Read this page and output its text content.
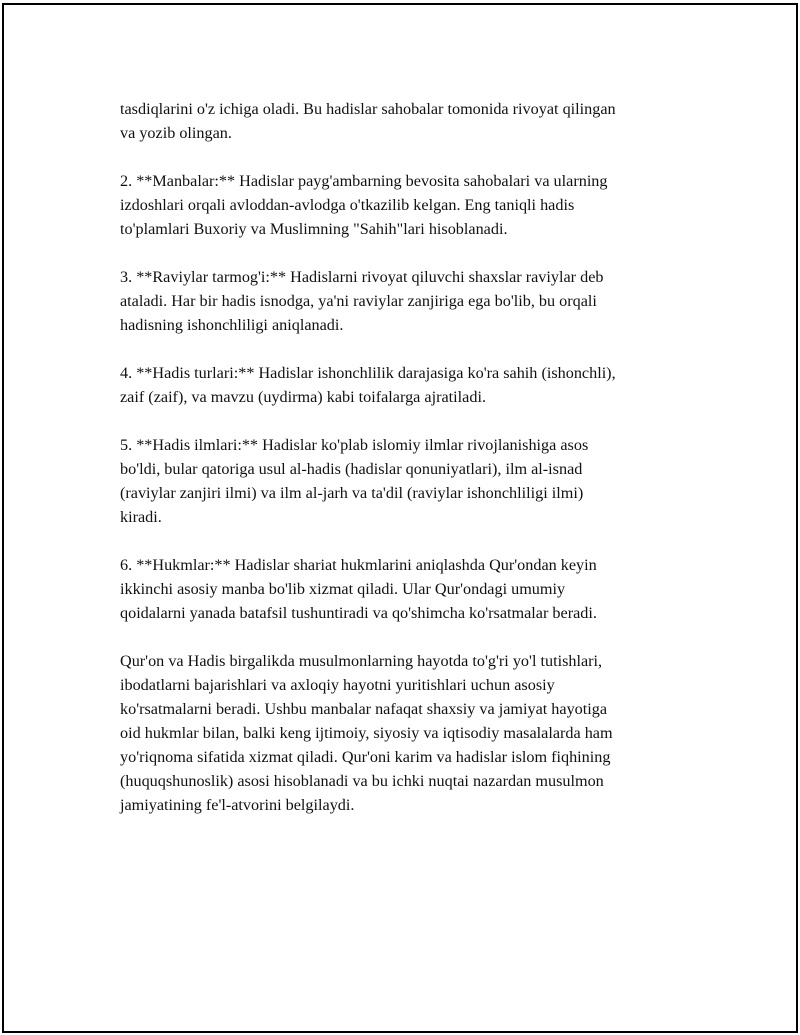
tasdiqlarini o'z ichiga oladi. Bu hadislar sahobalar tomonida rivoyat qilingan
va yozib olingan.

2. **Manbalar:** Hadislar payg'ambarning bevosita sahobalari va ularning
izdoshlari orqali avloddan-avlodga o'tkazilib kelgan. Eng taniqli hadis
to'plamlari Buxoriy va Muslimning "Sahih"lari hisoblanadi.

3. **Raviylar tarmog'i:** Hadislarni rivoyat qiluvchi shaxslar raviylar deb
ataladi. Har bir hadis isnodga, ya'ni raviylar zanjiriga ega bo'lib, bu orqali
hadisning ishonchliligi aniqlanadi.

4. **Hadis turlari:** Hadislar ishonchlilik darajasiga ko'ra sahih (ishonchli),
zaif (zaif), va mavzu (uydirma) kabi toifalarga ajratiladi.

5. **Hadis ilmlari:** Hadislar ko'plab islomiy ilmlar rivojlanishiga asos
bo'ldi, bular qatoriga usul al-hadis (hadislar qonuniyatlari), ilm al-isnad
(raviylar zanjiri ilmi) va ilm al-jarh va ta'dil (raviylar ishonchliligi ilmi)
kiradi.

6. **Hukmlar:** Hadislar shariat hukmlarini aniqlashda Qur'ondan keyin
ikkinchi asosiy manba bo'lib xizmat qiladi. Ular Qur'ondagi umumiy
qoidalarni yanada batafsil tushuntiradi va qo'shimcha ko'rsatmalar beradi.

Qur'on va Hadis birgalikda musulmonlarning hayotda to'g'ri yo'l tutishlari,
ibodatlarni bajarishlari va axloqiy hayotni yuritishlari uchun asosiy
ko'rsatmalarni beradi. Ushbu manbalar nafaqat shaxsiy va jamiyat hayotiga
oid hukmlar bilan, balki keng ijtimoiy, siyosiy va iqtisodiy masalalarda ham
yo'riqnoma sifatida xizmat qiladi. Qur'oni karim va hadislar islom fiqhining
(huquqshunoslik) asosi hisoblanadi va bu ichki nuqtai nazardan musulmon
jamiyatining fe'l-atvorini belgilaydi.
